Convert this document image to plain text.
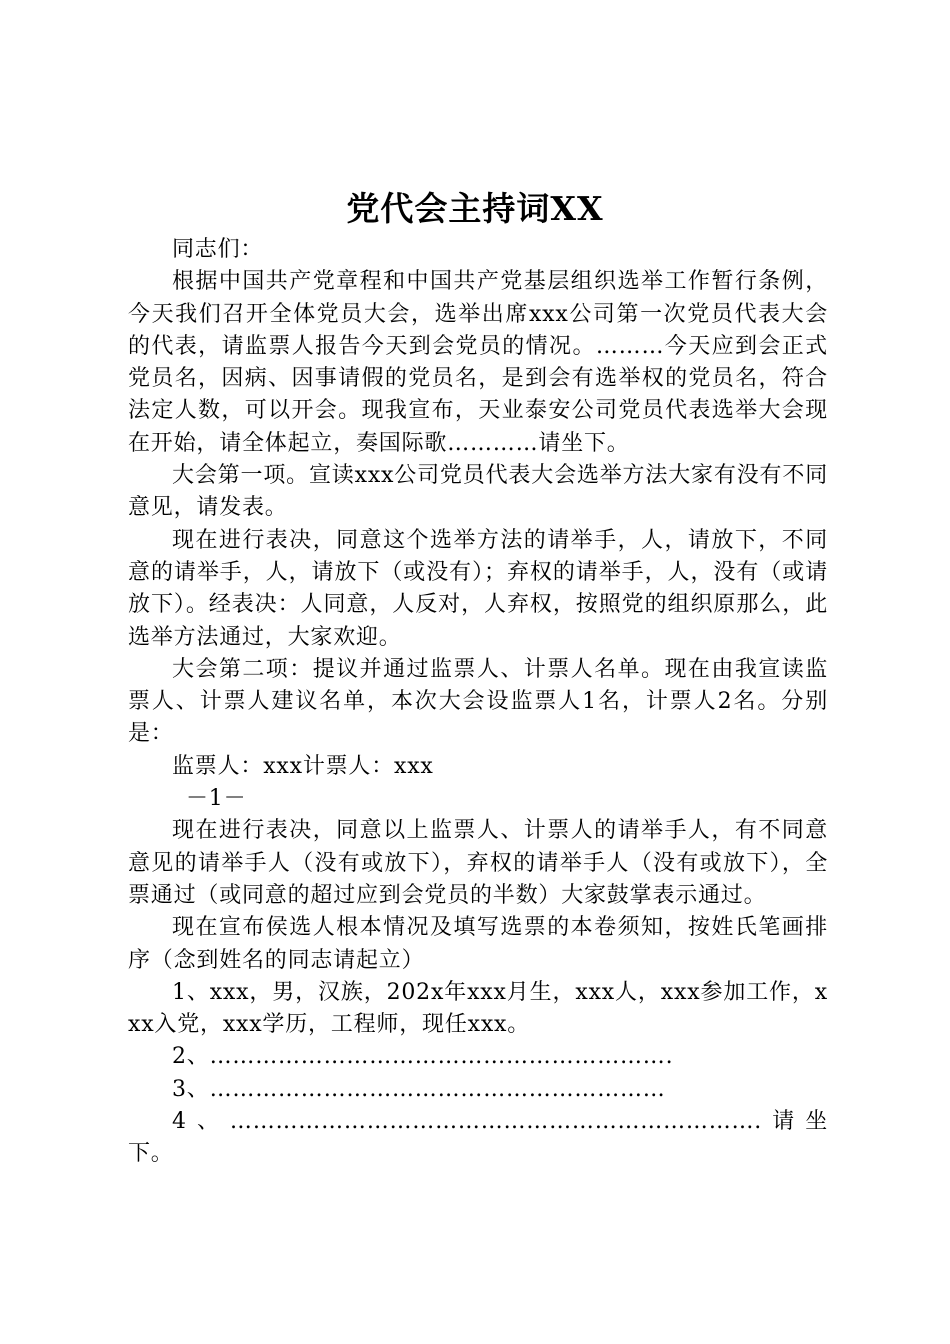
党代会主持词XX

同志们：

根据中国共产党章程和中国共产党基层组织选举工作暂行条例，今天我们召开全体党员大会，选举出席xxx公司第一次党员代表大会的代表，请监票人报告今天到会党员的情况。………今天应到会正式党员名，因病、因事请假的党员名，是到会有选举权的党员名，符合法定人数，可以开会。现我宣布，天业泰安公司党员代表选举大会现在开始，请全体起立，奏国际歌…………请坐下。

大会第一项。宣读xxx公司党员代表大会选举方法大家有没有不同意见，请发表。

现在进行表决，同意这个选举方法的请举手，人，请放下，不同意的请举手，人，请放下（或没有）；弃权的请举手，人，没有（或请放下）。经表决：人同意，人反对，人弃权，按照党的组织原那么，此选举方法通过，大家欢迎。

大会第二项：提议并通过监票人、计票人名单。现在由我宣读监票人、计票人建议名单，本次大会设监票人1名，计票人2名。分别是：

监票人：xxx计票人：xxx

－1－

现在进行表决，同意以上监票人、计票人的请举手人，有不同意意见的请举手人（没有或放下），弃权的请举手人（没有或放下），全票通过（或同意的超过应到会党员的半数）大家鼓掌表示通过。

现在宣布侯选人根本情况及填写选票的本卷须知，按姓氏笔画排序（念到姓名的同志请起立）

1、xxx，男，汉族，202x年xxx月生，xxx人，xxx参加工作，xxx入党，xxx学历，工程师，现任xxx。

2、…………………………………………………….

3、……………………………………………………

4、…………………………………………………………….请坐下。
